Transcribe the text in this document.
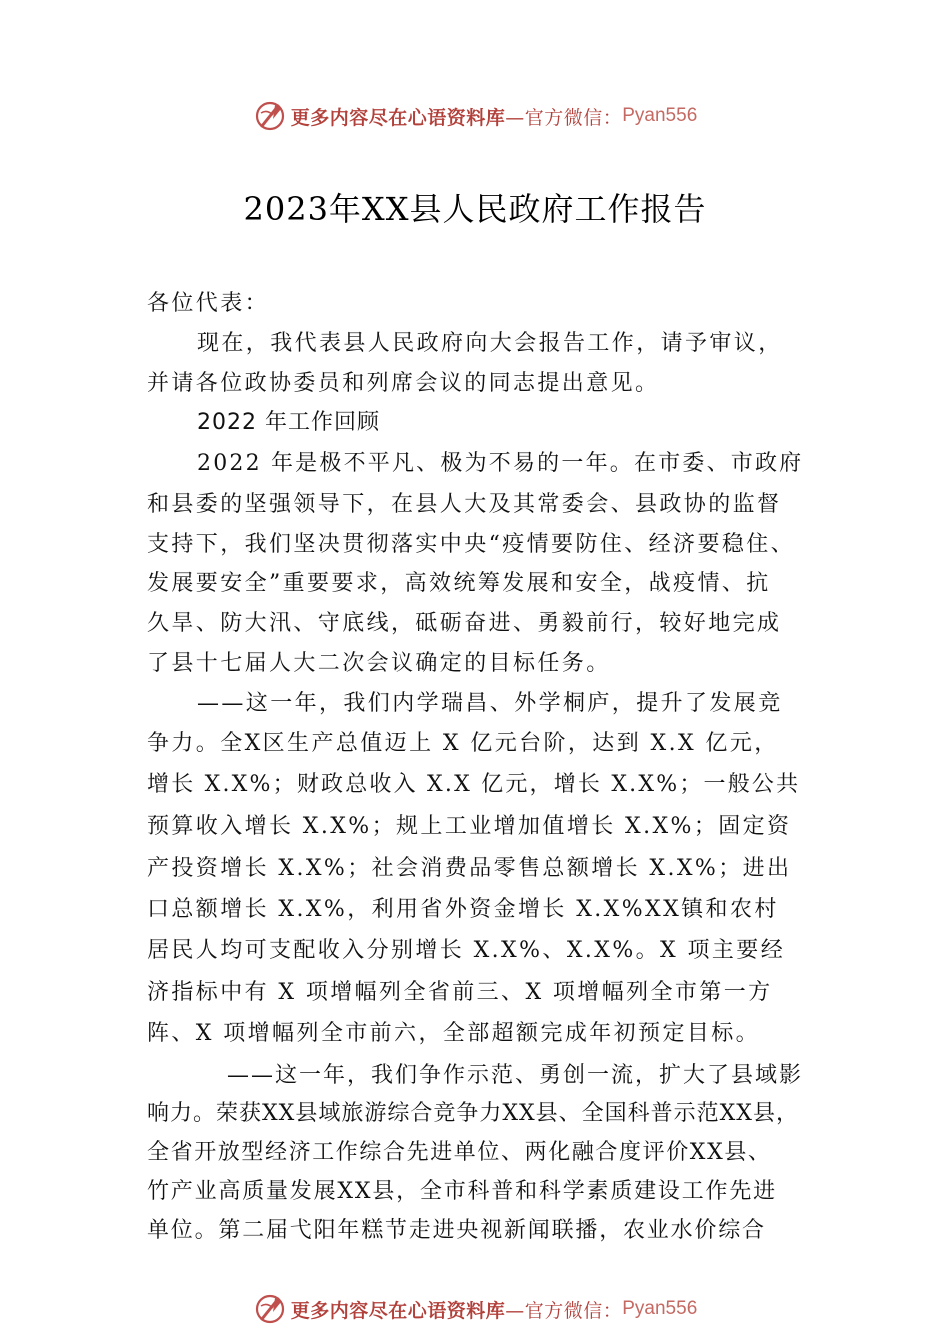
更多内容尽在心语资料库 —官方微信： Pyan556
2023年XX县人民政府工作报告
各位代表：
现在，我代表县人民政府向大会报告工作，请予审议，
并请各位政协委员和列席会议的同志提出意见。
2022 年工作回顾
2022 年是极不平凡、极为不易的一年。在市委、市政府
和县委的坚强领导下，在县人大及其常委会、县政协的监督
支持下，我们坚决贯彻落实中央“疫情要防住、经济要稳住、
发展要安全”重要要求，高效统筹发展和安全，战疫情、抗
久旱、防大汛、守底线，砥砺奋进、勇毅前行，较好地完成
了县十七届人大二次会议确定的目标任务。
——这一年，我们内学瑞昌、外学桐庐，提升了发展竞
争力。全X区生产总值迈上 X 亿元台阶，达到 X.X 亿元，
增长 X.X%；财政总收入 X.X 亿元，增长 X.X%；一般公共
预算收入增长 X.X%；规上工业增加值增长 X.X%；固定资
产投资增长 X.X%；社会消费品零售总额增长 X.X%；进出
口总额增长 X.X%，利用省外资金增长 X.X%XX镇和农村
居民人均可支配收入分别增长 X.X%、X.X%。X 项主要经
济指标中有 X 项增幅列全省前三、X 项增幅列全市第一方
阵、X 项增幅列全市前六，全部超额完成年初预定目标。
——这一年，我们争作示范、勇创一流，扩大了县域影
响力。荣获XX县域旅游综合竞争力XX县、全国科普示范XX县，
全省开放型经济工作综合先进单位、两化融合度评价XX县、
竹产业高质量发展XX县，全市科普和科学素质建设工作先进
单位。第二届弋阳年糕节走进央视新闻联播，农业水价综合
更多内容尽在心语资料库 —官方微信： Pyan556
